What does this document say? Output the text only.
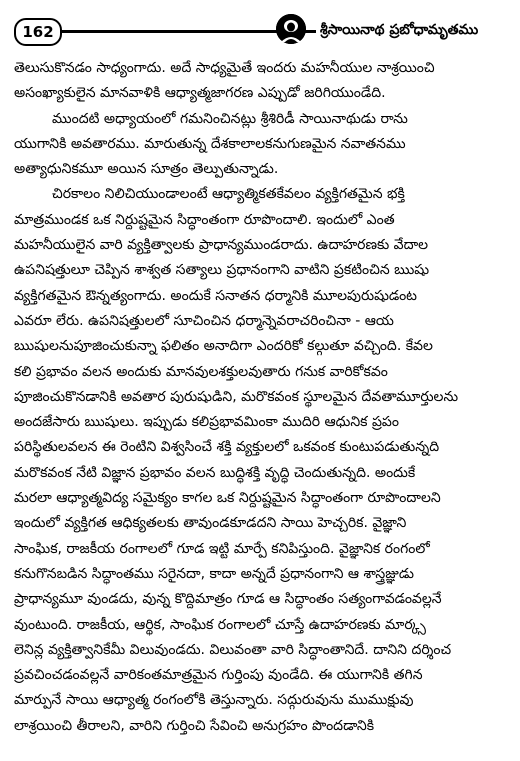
162	శ్రీసాయినాథ ప్రబోధామృతము
తెలుసుకొనడం సాధ్యంగాదు. అదే సాధ్యమైతే ఇందరు మహనీయుల నాశ్రయించి
అసంఖ్యాకులైన మానవాళికి ఆధ్యాత్మజాగరణ ఎప్పుడో జరిగియుండేది.
ముందటి అధ్యాయంలో గమనించినట్లు శ్రీశిరిడీ సాయినాథుడు రాను
యుగానికి అవతారము. మారుతున్న దేశకాలాలకనుగుణమైన నవాతనము
అత్యాధునికమూ అయిన సూత్రం తెల్పుతున్నాడు.
చిరకాలం నిలిచియుండాలంటే ఆధ్యాత్మికతకేవలం వ్యక్తిగతమైన భక్తి
మాత్రముండక ఒక నిర్దుష్టమైన సిద్ధాంతంగా రూపొందాలి. ఇందులో ఎంత
మహనీయులైన వారి వ్యక్తిత్వాలకు ప్రాధాన్యముండరాదు. ఉదాహరణకు వేదాల
ఉపనిషత్తులూ చెప్పిన శాశ్వత సత్యాలు ప్రధానంగాని వాటిని ప్రకటించిన ఋషు
వ్యక్తిగతమైన ఔన్నత్యంగాదు. అందుకే సనాతన ధర్మానికి మూలపురుషుడంట
ఎవరూ లేరు. ఉపనిషత్తులలో సూచించిన ధర్మాన్నెవరాచరించినా - ఆయ
ఋషులనుపూజించుకున్నా ఫలితం అనాదిగా ఎందరికో కల్గుతూ వచ్చింది. కేవల
కలి ప్రభావం వలన అందుకు మానవులశక్తులవుతారు గనుక వారికోకవం
పూజించుకొనడానికి అవతార పురుషుడిని, మరొకవంక స్థూలమైన దేవతామూర్తులను
అందజేసారు ఋషులు. ఇప్పుడు కలిప్రభావమింకా ముదిరి ఆధునిక ప్రపం
పరిస్థితులవలన ఈ రెంటిని విశ్వసించే శక్తి వ్యక్తులలో ఒకవంక కుంటుపడుతున్నది
మరొకవంక నేటి విజ్ఞాన ప్రభావం వలన బుద్ధిశక్తి వృద్ధి చెందుతున్నది. అందుకే
మరలా ఆధ్యాత్మవిద్య సమైక్యం కాగల ఒక నిర్దుష్టమైన సిద్ధాంతంగా రూపొందాలని
ఇందులో వ్యక్తిగత ఆధిక్యతలకు తావుండకూడదని సాయి హెచ్చరిక. వైజ్ఞాని
సాంఘిక, రాజకీయ రంగాలలో గూడ ఇట్టి మార్పే కనిపిస్తుంది. వైజ్ఞానిక రంగంలో
కనుగొనబడిన సిద్ధాంతము సరైనదా, కాదా అన్నదే ప్రధానంగాని ఆ శాస్త్రజ్ఞుడు
ప్రాధాన్యమూ వుండదు, వున్న కొద్దిమాత్రం గూడ ఆ సిద్ధాంతం సత్యంగావడంవల్లనే
వుంటుంది. రాజకీయ, ఆర్థిక, సాంఘిక రంగాలలో చూస్తే ఉదాహరణకు మార్క్స
లెనిన్ల వ్యక్తిత్వానికేమీ విలువుండదు. విలువంతా వారి సిద్ధాంతానిదే. దానిని దర్శించ
ప్రవచించడంవల్లనే వారికంతమాత్రమైన గుర్తింపు వుండేది. ఈ యుగానికి తగిన
మార్పునే సాయి ఆధ్యాత్మ రంగంలోకి తెస్తున్నారు. సద్గురువును ముముక్షువు
లాశ్రయించి తీరాలని, వారిని గుర్తించి సేవించి అనుగ్రహం పొందడానికి
